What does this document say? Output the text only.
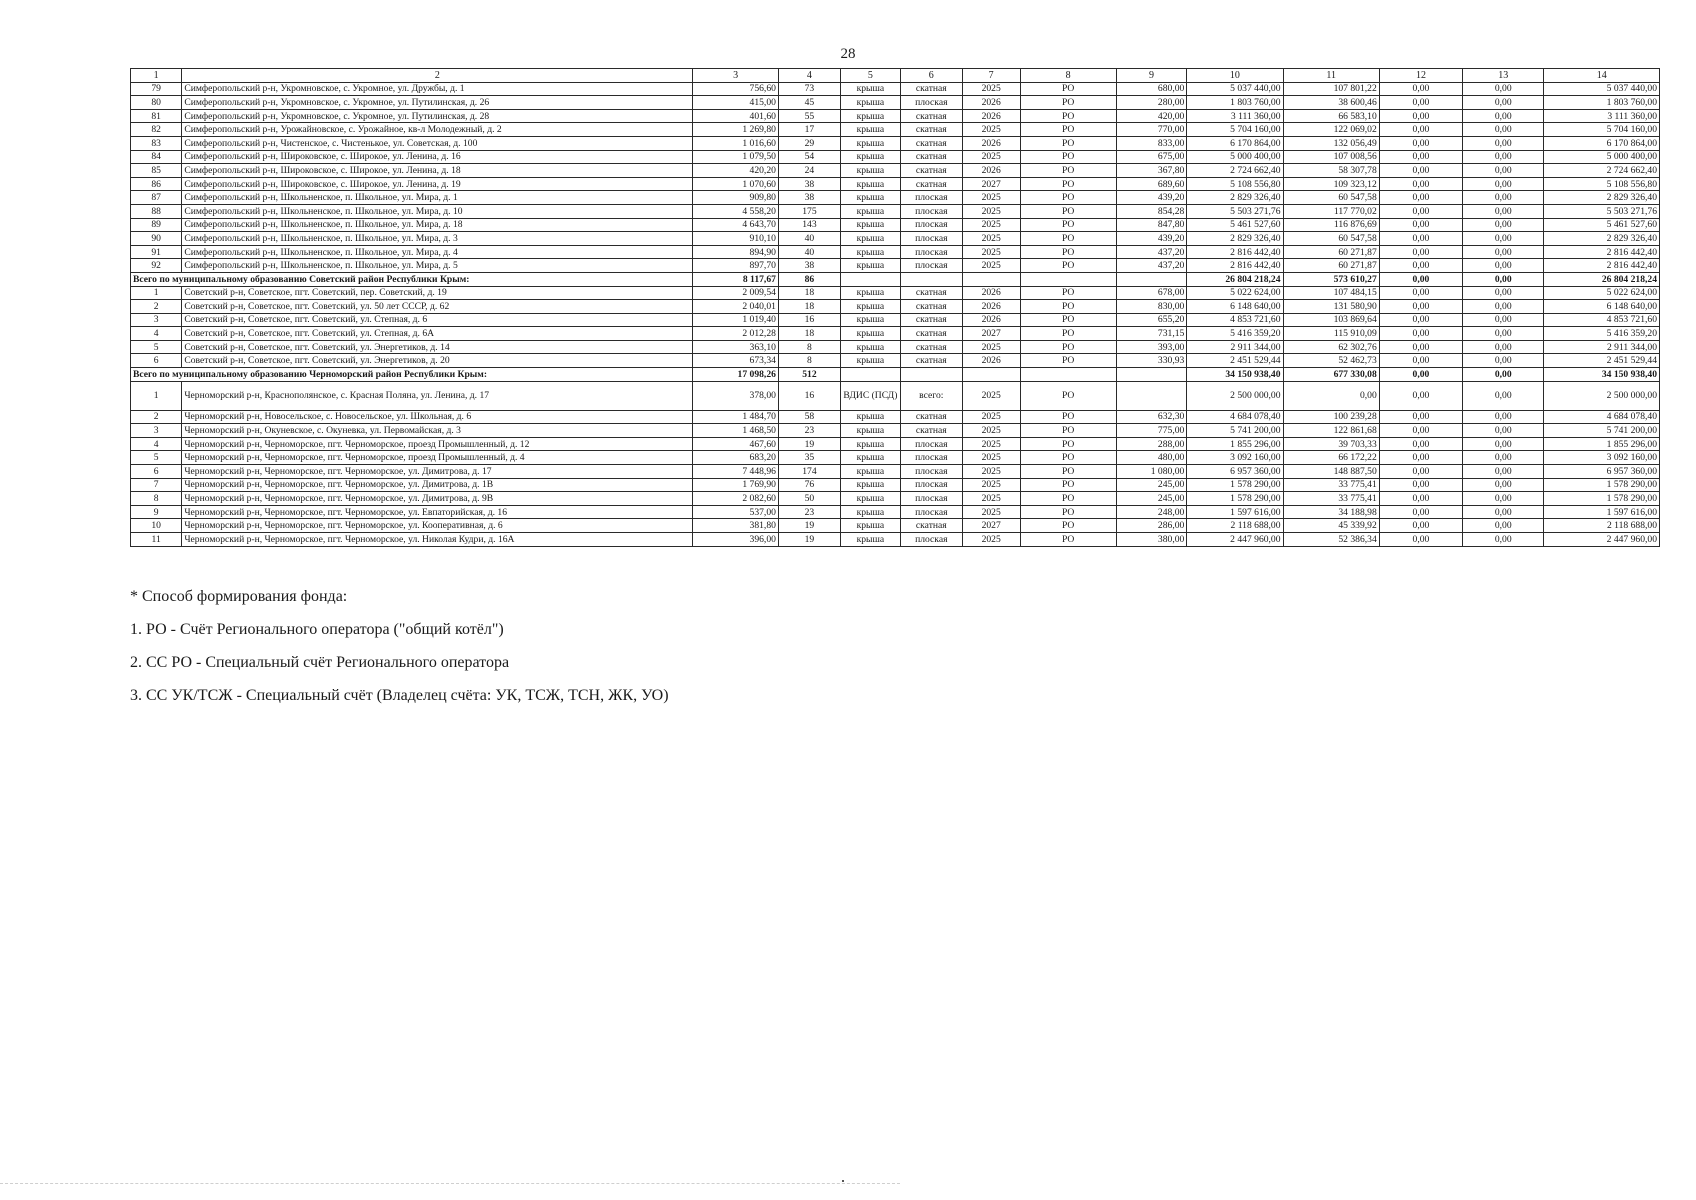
28
1	2	3	4	5	6	7	8	9	10	11	12	13	14
79	Симферопольский р-н, Укромновское, с. Укромное, ул. Дружбы, д. 1	756,60	73	крыша	скатная	2025	РО	680,00	5 037 440,00	107 801,22	0,00	0,00	5 037 440,00
80	Симферопольский р-н, Укромновское, с. Укромное, ул. Путилинская, д. 26	415,00	45	крыша	плоская	2026	РО	280,00	1 803 760,00	38 600,46	0,00	0,00	1 803 760,00
81	Симферопольский р-н, Укромновское, с. Укромное, ул. Путилинская, д. 28	401,60	55	крыша	скатная	2026	РО	420,00	3 111 360,00	66 583,10	0,00	0,00	3 111 360,00
82	Симферопольский р-н, Урожайновское, с. Урожайное, кв-л Молодежный, д. 2	1 269,80	17	крыша	скатная	2025	РО	770,00	5 704 160,00	122 069,02	0,00	0,00	5 704 160,00
83	Симферопольский р-н, Чистенское, с. Чистенькое, ул. Советская, д. 100	1 016,60	29	крыша	скатная	2026	РО	833,00	6 170 864,00	132 056,49	0,00	0,00	6 170 864,00
84	Симферопольский р-н, Широковское, с. Широкое, ул. Ленина, д. 16	1 079,50	54	крыша	скатная	2025	РО	675,00	5 000 400,00	107 008,56	0,00	0,00	5 000 400,00
85	Симферопольский р-н, Широковское, с. Широкое, ул. Ленина, д. 18	420,20	24	крыша	скатная	2026	РО	367,80	2 724 662,40	58 307,78	0,00	0,00	2 724 662,40
86	Симферопольский р-н, Широковское, с. Широкое, ул. Ленина, д. 19	1 070,60	38	крыша	скатная	2027	РО	689,60	5 108 556,80	109 323,12	0,00	0,00	5 108 556,80
87	Симферопольский р-н, Школьненское, п. Школьное, ул. Мира, д. 1	909,80	38	крыша	плоская	2025	РО	439,20	2 829 326,40	60 547,58	0,00	0,00	2 829 326,40
88	Симферопольский р-н, Школьненское, п. Школьное, ул. Мира, д. 10	4 558,20	175	крыша	плоская	2025	РО	854,28	5 503 271,76	117 770,02	0,00	0,00	5 503 271,76
89	Симферопольский р-н, Школьненское, п. Школьное, ул. Мира, д. 18	4 643,70	143	крыша	плоская	2025	РО	847,80	5 461 527,60	116 876,69	0,00	0,00	5 461 527,60
90	Симферопольский р-н, Школьненское, п. Школьное, ул. Мира, д. 3	910,10	40	крыша	плоская	2025	РО	439,20	2 829 326,40	60 547,58	0,00	0,00	2 829 326,40
91	Симферопольский р-н, Школьненское, п. Школьное, ул. Мира, д. 4	894,90	40	крыша	плоская	2025	РО	437,20	2 816 442,40	60 271,87	0,00	0,00	2 816 442,40
92	Симферопольский р-н, Школьненское, п. Школьное, ул. Мира, д. 5	897,70	38	крыша	плоская	2025	РО	437,20	2 816 442,40	60 271,87	0,00	0,00	2 816 442,40
Всего по муниципальному образованию Советский район Республики Крым:		8 117,67	86						26 804 218,24	573 610,27	0,00	0,00	26 804 218,24
1	Советский р-н, Советское, пгт. Советский, пер. Советский, д. 19	2 009,54	18	крыша	скатная	2026	РО	678,00	5 022 624,00	107 484,15	0,00	0,00	5 022 624,00
2	Советский р-н, Советское, пгт. Советский, ул. 50 лет СССР, д. 62	2 040,01	18	крыша	скатная	2026	РО	830,00	6 148 640,00	131 580,90	0,00	0,00	6 148 640,00
3	Советский р-н, Советское, пгт. Советский, ул. Степная, д. 6	1 019,40	16	крыша	скатная	2026	РО	655,20	4 853 721,60	103 869,64	0,00	0,00	4 853 721,60
4	Советский р-н, Советское, пгт. Советский, ул. Степная, д. 6А	2 012,28	18	крыша	скатная	2027	РО	731,15	5 416 359,20	115 910,09	0,00	0,00	5 416 359,20
5	Советский р-н, Советское, пгт. Советский, ул. Энергетиков, д. 14	363,10	8	крыша	скатная	2025	РО	393,00	2 911 344,00	62 302,76	0,00	0,00	2 911 344,00
6	Советский р-н, Советское, пгт. Советский, ул. Энергетиков, д. 20	673,34	8	крыша	скатная	2026	РО	330,93	2 451 529,44	52 462,73	0,00	0,00	2 451 529,44
Всего по муниципальному образованию Черноморский район Республики Крым:		17 098,26	512						34 150 938,40	677 330,08	0,00	0,00	34 150 938,40
1	Черноморский р-н, Краснополянское, с. Красная Поляна, ул. Ленина, д. 17	378,00	16	ВДИС (ПСД)	всего:	2025	РО		2 500 000,00	0,00	0,00	0,00	2 500 000,00
2	Черноморский р-н, Новосельское, с. Новосельское, ул. Школьная, д. 6	1 484,70	58	крыша	скатная	2025	РО	632,30	4 684 078,40	100 239,28	0,00	0,00	4 684 078,40
3	Черноморский р-н, Окуневское, с. Окуневка, ул. Первомайская, д. 3	1 468,50	23	крыша	скатная	2025	РО	775,00	5 741 200,00	122 861,68	0,00	0,00	5 741 200,00
4	Черноморский р-н, Черноморское, пгт. Черноморское, проезд Промышленный, д. 12	467,60	19	крыша	плоская	2025	РО	288,00	1 855 296,00	39 703,33	0,00	0,00	1 855 296,00
5	Черноморский р-н, Черноморское, пгт. Черноморское, проезд Промышленный, д. 4	683,20	35	крыша	плоская	2025	РО	480,00	3 092 160,00	66 172,22	0,00	0,00	3 092 160,00
6	Черноморский р-н, Черноморское, пгт. Черноморское, ул. Димитрова, д. 17	7 448,96	174	крыша	плоская	2025	РО	1 080,00	6 957 360,00	148 887,50	0,00	0,00	6 957 360,00
7	Черноморский р-н, Черноморское, пгт. Черноморское, ул. Димитрова, д. 1В	1 769,90	76	крыша	плоская	2025	РО	245,00	1 578 290,00	33 775,41	0,00	0,00	1 578 290,00
8	Черноморский р-н, Черноморское, пгт. Черноморское, ул. Димитрова, д. 9В	2 082,60	50	крыша	плоская	2025	РО	245,00	1 578 290,00	33 775,41	0,00	0,00	1 578 290,00
9	Черноморский р-н, Черноморское, пгт. Черноморское, ул. Евпаторийская, д. 16	537,00	23	крыша	плоская	2025	РО	248,00	1 597 616,00	34 188,98	0,00	0,00	1 597 616,00
10	Черноморский р-н, Черноморское, пгт. Черноморское, ул. Кооперативная, д. 6	381,80	19	крыша	скатная	2027	РО	286,00	2 118 688,00	45 339,92	0,00	0,00	2 118 688,00
11	Черноморский р-н, Черноморское, пгт. Черноморское, ул. Николая Кудри, д. 16А	396,00	19	крыша	плоская	2025	РО	380,00	2 447 960,00	52 386,34	0,00	0,00	2 447 960,00

* Способ формирования фонда:

1. РО - Счёт Регионального оператора ("общий котёл")

2. СС РО - Специальный счёт Регионального оператора

3. СС УК/ТСЖ - Специальный счёт (Владелец счёта: УК, ТСЖ, ТСН, ЖК, УО)
